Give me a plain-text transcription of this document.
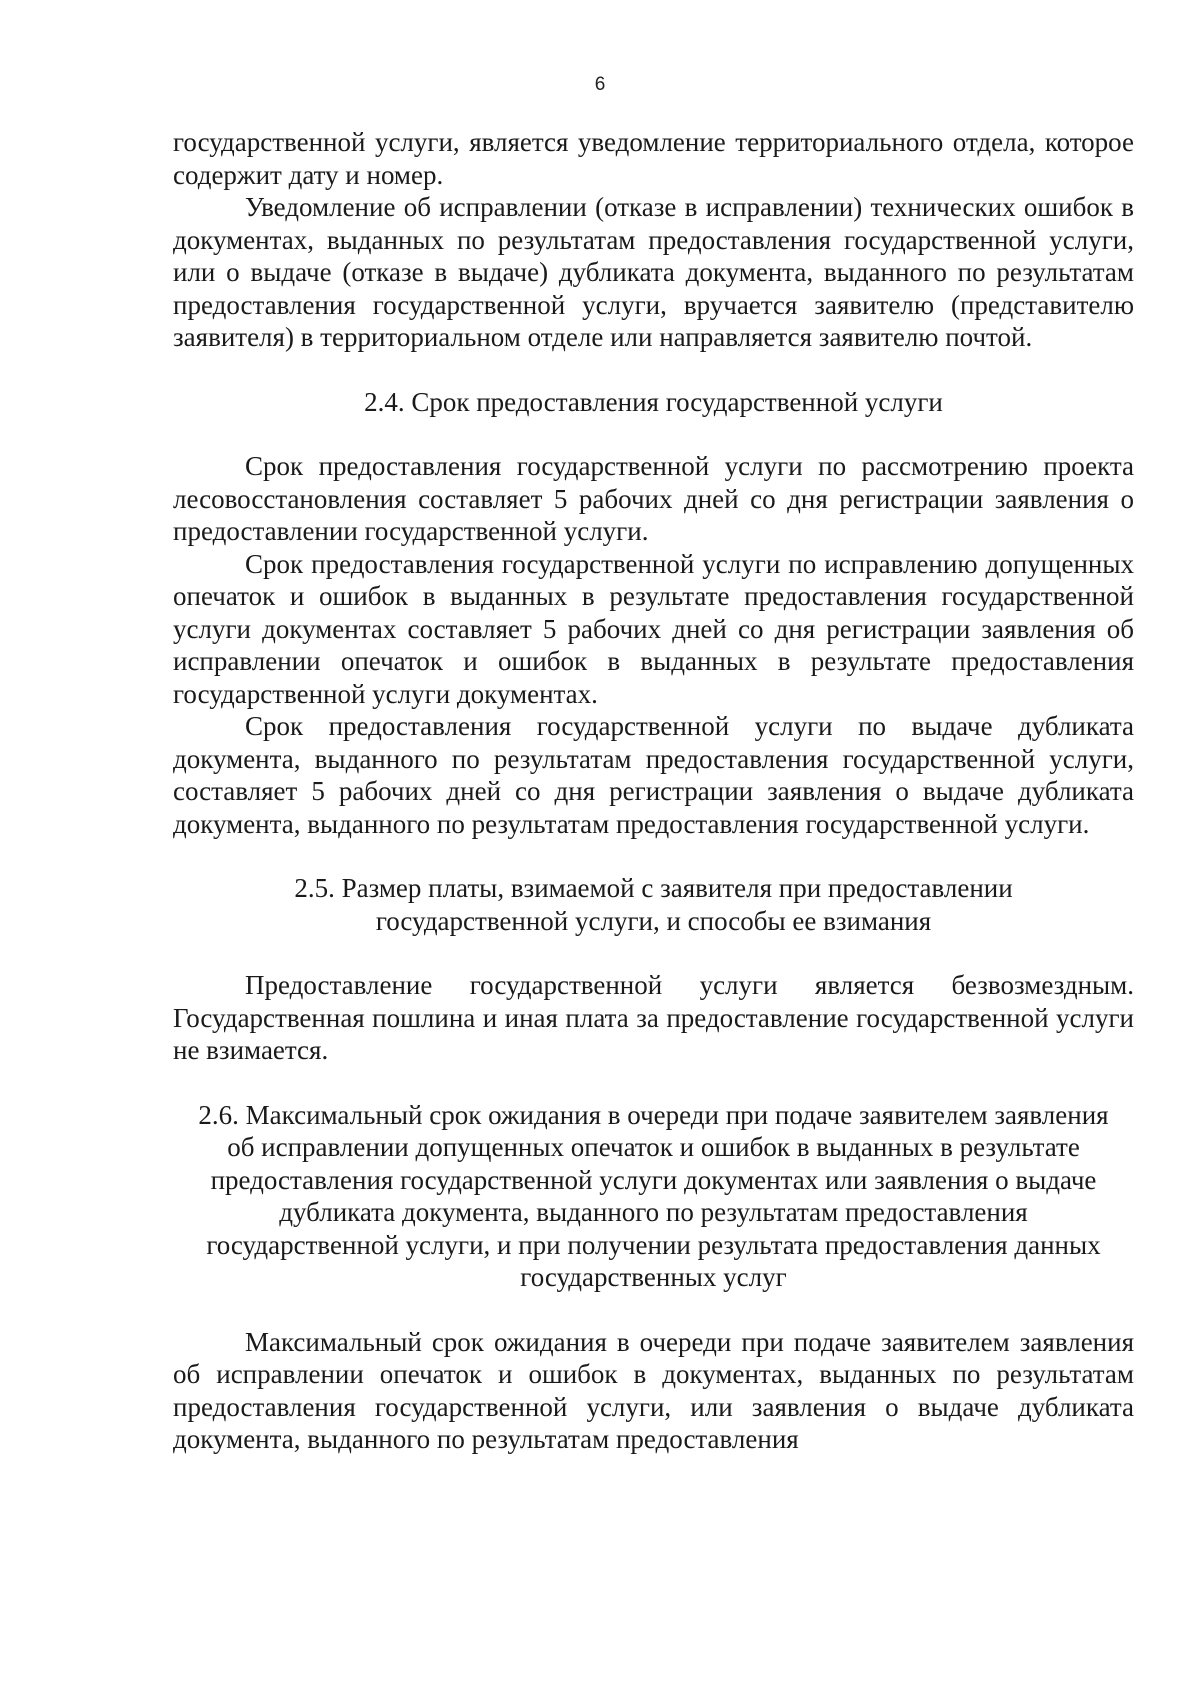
6

государственной услуги, является уведомление территориального отдела, которое содержит дату и номер.

Уведомление об исправлении (отказе в исправлении) технических ошибок в документах, выданных по результатам предоставления государственной услуги, или о выдаче (отказе в выдаче) дубликата документа, выданного по результатам предоставления государственной услуги, вручается заявителю (представителю заявителя) в территориальном отделе или направляется заявителю почтой.

2.4. Срок предоставления государственной услуги

Срок предоставления государственной услуги по рассмотрению проекта лесовосстановления составляет 5 рабочих дней со дня регистрации заявления о предоставлении государственной услуги.

Срок предоставления государственной услуги по исправлению допущенных опечаток и ошибок в выданных в результате предоставления государственной услуги документах составляет 5 рабочих дней со дня регистрации заявления об исправлении опечаток и ошибок в выданных в результате предоставления государственной услуги документах.

Срок предоставления государственной услуги по выдаче дубликата документа, выданного по результатам предоставления государственной услуги, составляет 5 рабочих дней со дня регистрации заявления о выдаче дубликата документа, выданного по результатам предоставления государственной услуги.

2.5. Размер платы, взимаемой с заявителя при предоставлении
государственной услуги, и способы ее взимания

Предоставление государственной услуги является безвозмездным. Государственная пошлина и иная плата за предоставление государственной услуги не взимается.

2.6. Максимальный срок ожидания в очереди при подаче заявителем заявления
об исправлении допущенных опечаток и ошибок в выданных в результате
предоставления государственной услуги документах или заявления о выдаче
дубликата документа, выданного по результатам предоставления
государственной услуги, и при получении результата предоставления данных
государственных услуг

Максимальный срок ожидания в очереди при подаче заявителем заявления об исправлении опечаток и ошибок в документах, выданных по результатам предоставления государственной услуги, или заявления о выдаче дубликата документа, выданного по результатам предоставления
